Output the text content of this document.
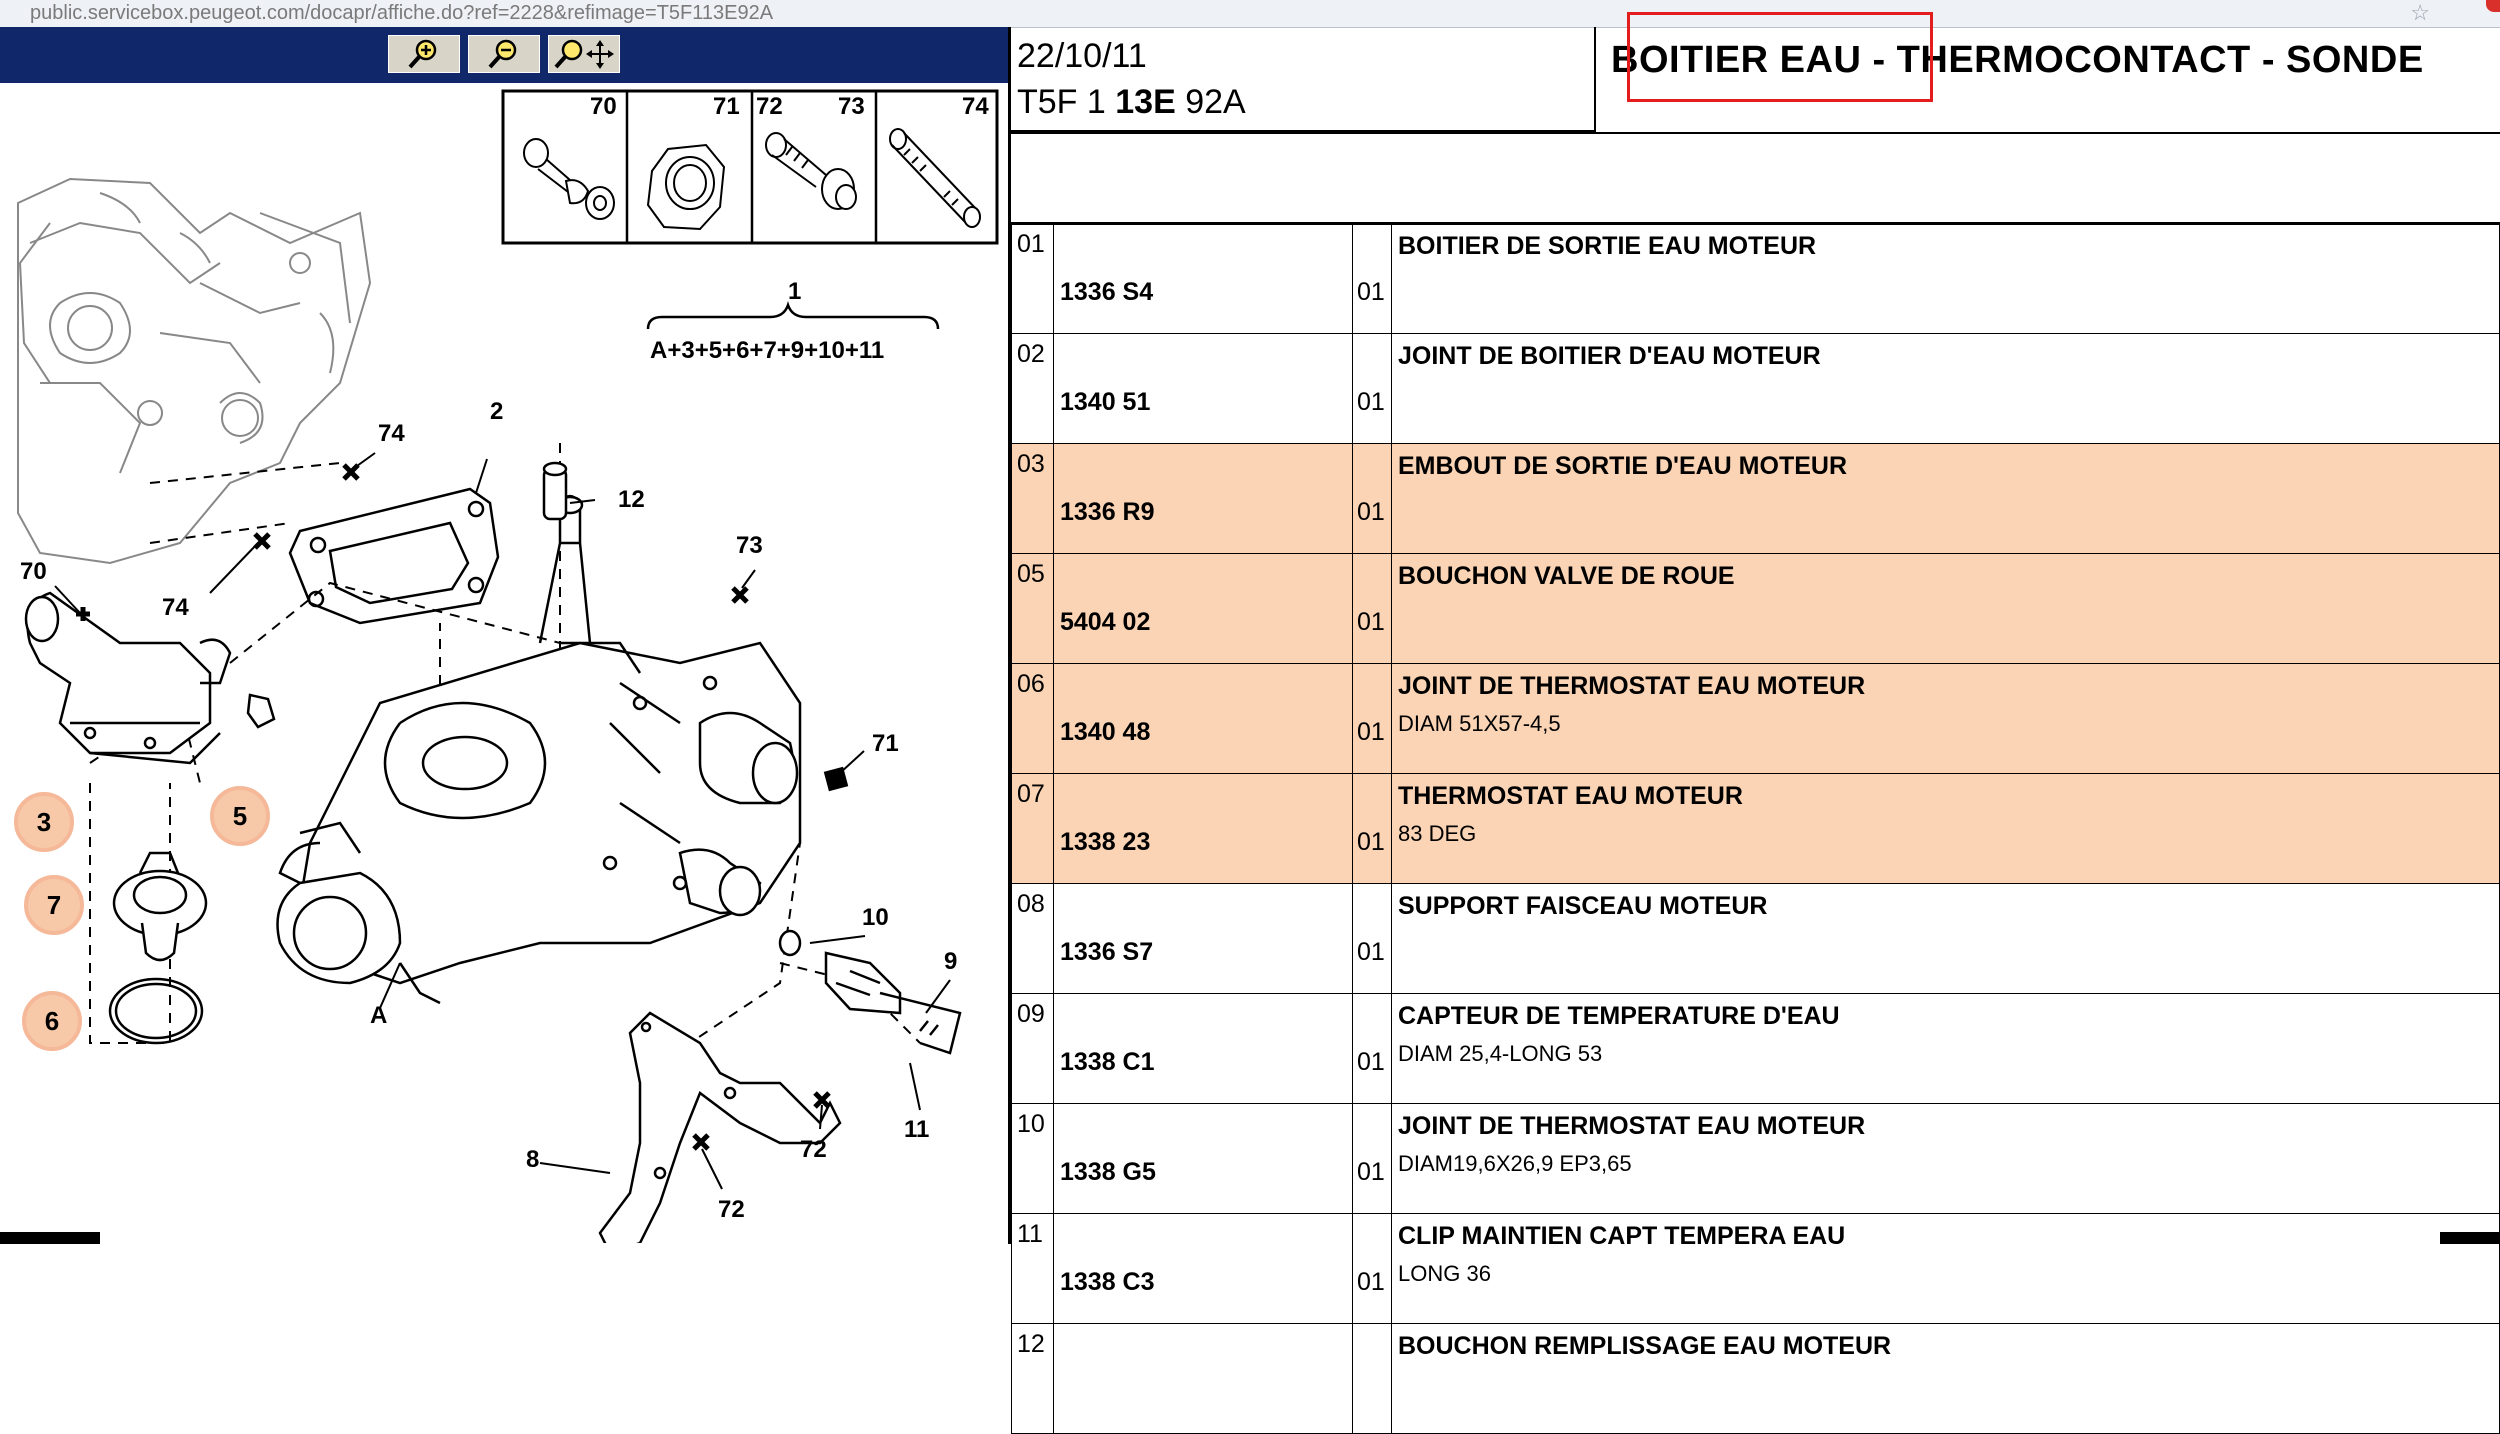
public.servicebox.peugeot.com/docapr/affiche.do?ref=2228&refimage=T5F113E92A	☆
70	71 72 73	74
1
A+3+5+6+7+9+10+11
2
12
74
74
70
73
71
10
9
11
72
8
72
A
3	5
7
6
22/10/11
T5F 1 13E 92A
BOITIER EAU - THERMOCONTACT - SONDE
01	1336 S4	01	BOITIER DE SORTIE EAU MOTEUR

02	1340 51	01	JOINT DE BOITIER D'EAU MOTEUR

03	1336 R9	01	EMBOUT DE SORTIE D'EAU MOTEUR

05	5404 02	01	BOUCHON VALVE DE ROUE

06	1340 48	01	JOINT DE THERMOSTAT EAU MOTEUR
DIAM 51X57-4,5

07	1338 23	01	THERMOSTAT EAU MOTEUR
83 DEG

08	1336 S7	01	SUPPORT FAISCEAU MOTEUR

09	1338 C1	01	CAPTEUR DE TEMPERATURE D'EAU
DIAM 25,4-LONG 53

10	1338 G5	01	JOINT DE THERMOSTAT EAU MOTEUR
DIAM19,6X26,9 EP3,65

11	1338 C3	01	CLIP MAINTIEN CAPT TEMPERA EAU
LONG 36

12			BOUCHON REMPLISSAGE EAU MOTEUR
